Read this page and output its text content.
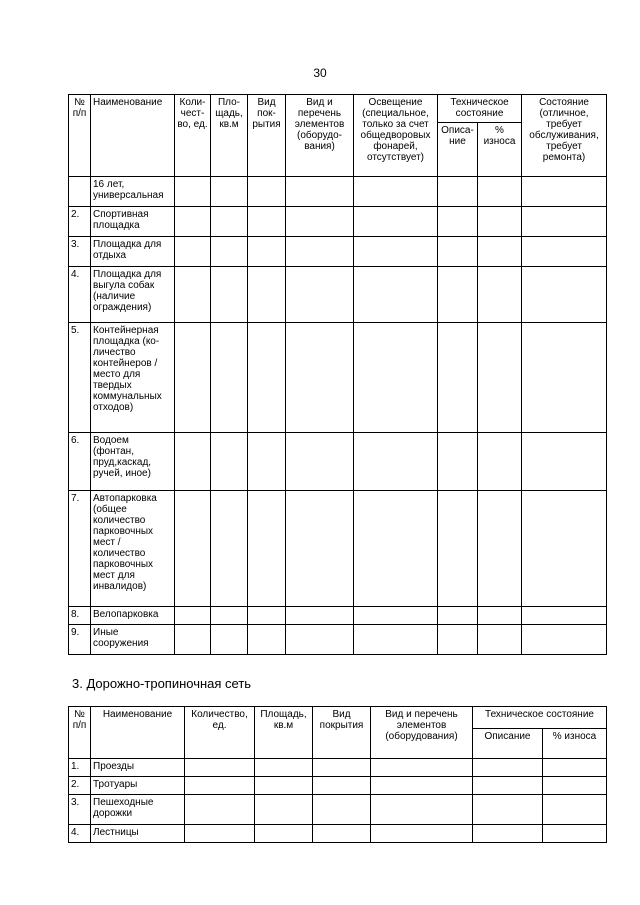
30
№ п/п	Наименование	Коли-чест-во, ед.	Пло-щадь, кв.м	Вид пок-рытия	Вид и перечень элементов (оборудо-вания)	Освещение (специальное, только за счет общедворовых фонарей, отсутствует)	Техническое состояние		Состояние (отличное, требует обслуживания, требует ремонта)
							Описа-ние	% износа	
	16 лет, универсальная								
2.	Спортивная площадка								
3.	Площадка для отдыха								
4.	Площадка для выгула собак (наличие ограждения)								
5.	Контейнерная площадка (ко-личество контейнеров / место для твердых коммунальных отходов)								
6.	Водоем (фонтан, пруд,каскад, ручей, иное)								
7.	Автопарковка (общее количество парковочных мест / количество парковочных мест для инвалидов)								
8.	Велопарковка								
9.	Иные сооружения								
3. Дорожно-тропиночная сеть
№ п/п	Наименование	Количество, ед.	Площадь, кв.м	Вид покрытия	Вид и перечень элементов (оборудования)	Техническое состояние	
						Описание	% износа
1.	Проезды						
2.	Тротуары						
3.	Пешеходные дорожки						
4.	Лестницы						
